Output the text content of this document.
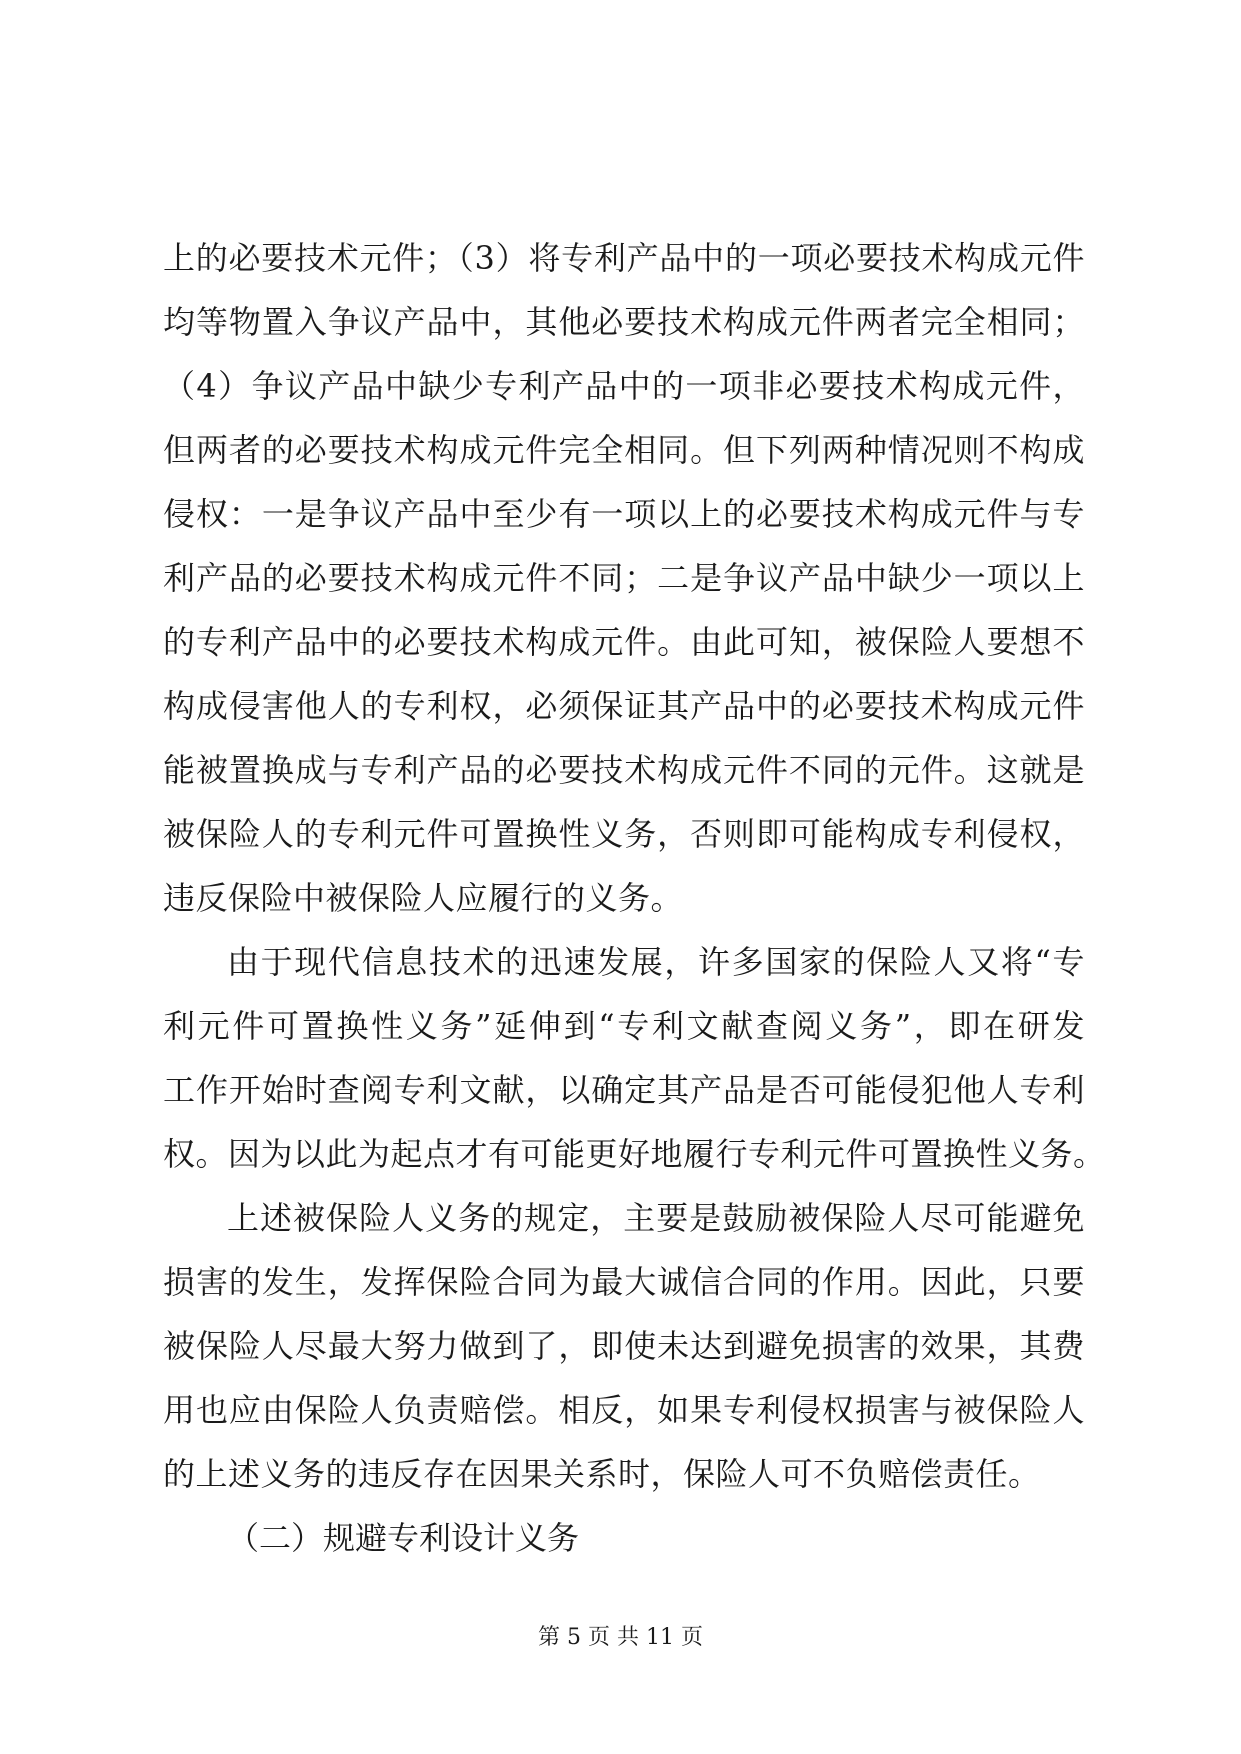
上的必要技术元件；（3）将专利产品中的一项必要技术构成元件
均等物置入争议产品中，其他必要技术构成元件两者完全相同；
（4）争议产品中缺少专利产品中的一项非必要技术构成元件，
但两者的必要技术构成元件完全相同。但下列两种情况则不构成
侵权：一是争议产品中至少有一项以上的必要技术构成元件与专
利产品的必要技术构成元件不同；二是争议产品中缺少一项以上
的专利产品中的必要技术构成元件。由此可知，被保险人要想不
构成侵害他人的专利权，必须保证其产品中的必要技术构成元件
能被置换成与专利产品的必要技术构成元件不同的元件。这就是
被保险人的专利元件可置换性义务，否则即可能构成专利侵权，
违反保险中被保险人应履行的义务。
由于现代信息技术的迅速发展，许多国家的保险人又将“专
利元件可置换性义务”延伸到“专利文献查阅义务”，即在研发
工作开始时查阅专利文献，以确定其产品是否可能侵犯他人专利
权。因为以此为起点才有可能更好地履行专利元件可置换性义务。
上述被保险人义务的规定，主要是鼓励被保险人尽可能避免
损害的发生，发挥保险合同为最大诚信合同的作用。因此，只要
被保险人尽最大努力做到了，即使未达到避免损害的效果，其费
用也应由保险人负责赔偿。相反，如果专利侵权损害与被保险人
的上述义务的违反存在因果关系时，保险人可不负赔偿责任。
（二）规避专利设计义务
第 5 页 共 11 页
